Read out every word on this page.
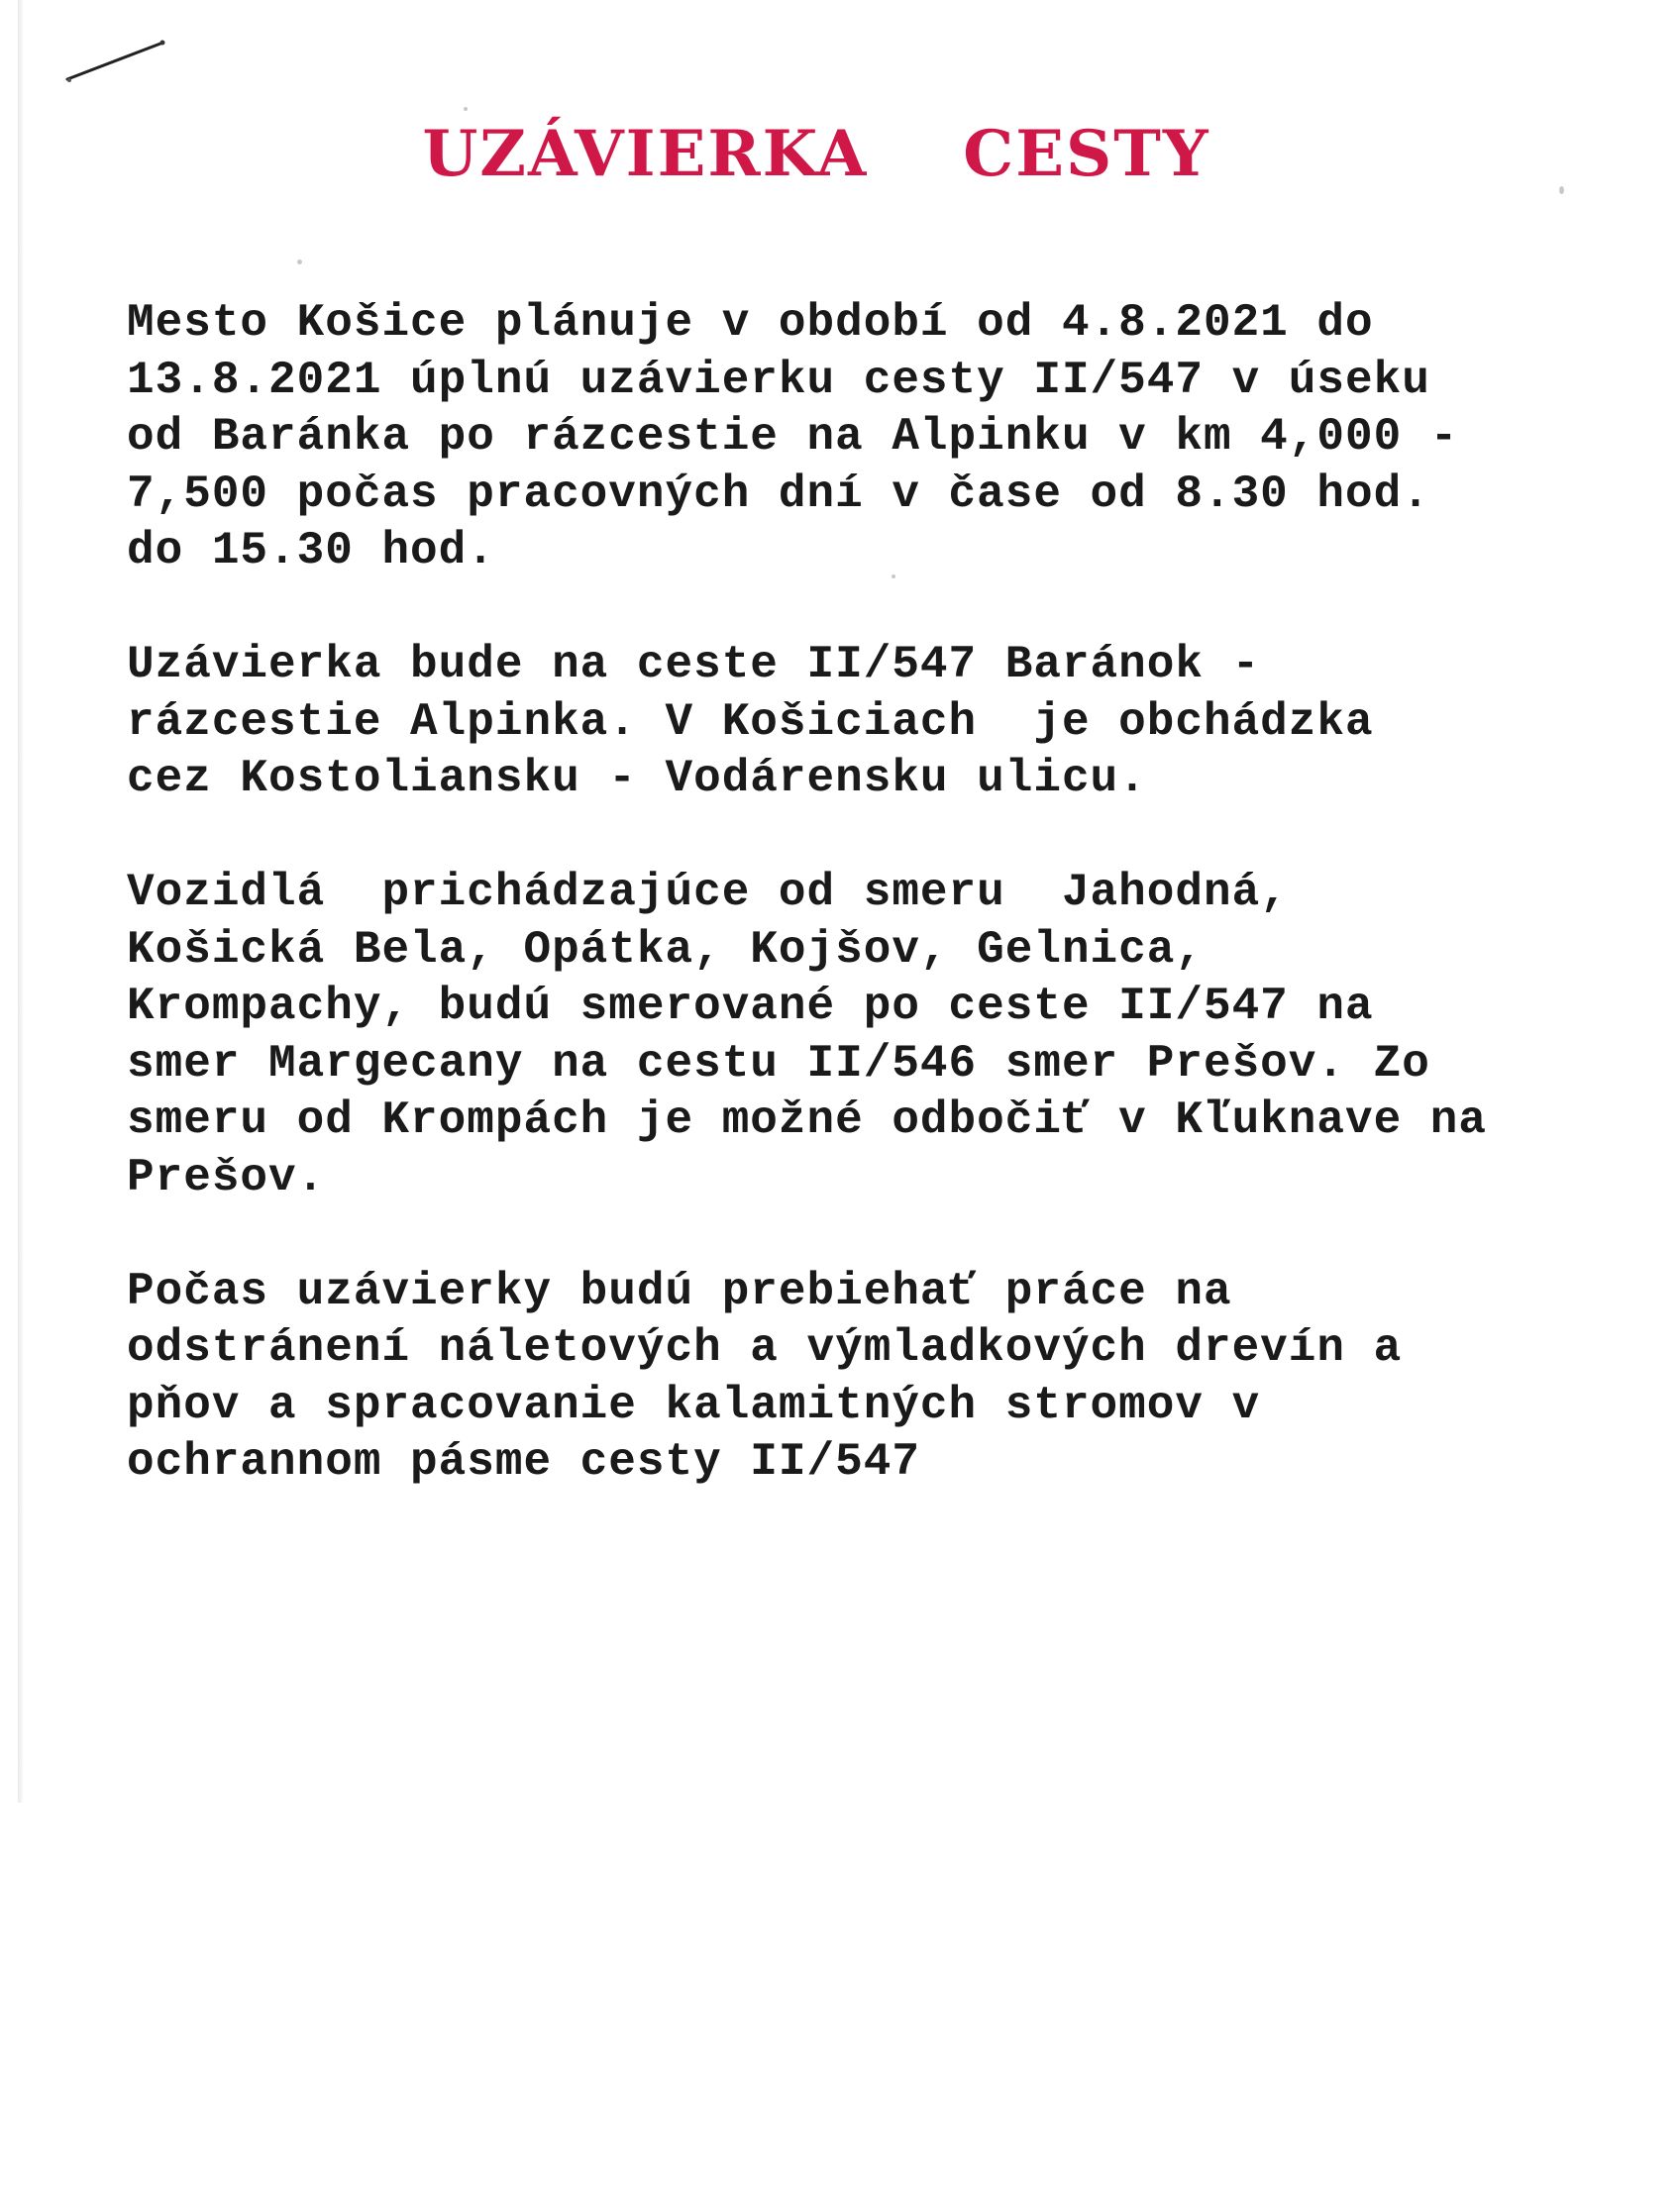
UZÁVIERKA CESTY

Mesto Košice plánuje v období od 4.8.2021 do
13.8.2021 úplnú uzávierku cesty II/547 v úseku
od Baránka po rázcestie na Alpinku v km 4,000 -
7,500 počas pracovných dní v čase od 8.30 hod.
do 15.30 hod.

Uzávierka bude na ceste II/547 Baránok -
rázcestie Alpinka. V Košiciach  je obchádzka
cez Kostoliansku - Vodárensku ulicu.

Vozidlá  prichádzajúce od smeru  Jahodná,
Košická Bela, Opátka, Kojšov, Gelnica,
Krompachy, budú smerované po ceste II/547 na
smer Margecany na cestu II/546 smer Prešov. Zo
smeru od Krompách je možné odbočiť v Kľuknave na
Prešov.

Počas uzávierky budú prebiehať práce na
odstránení náletových a výmladkových drevín a
pňov a spracovanie kalamitných stromov v
ochrannom pásme cesty II/547
